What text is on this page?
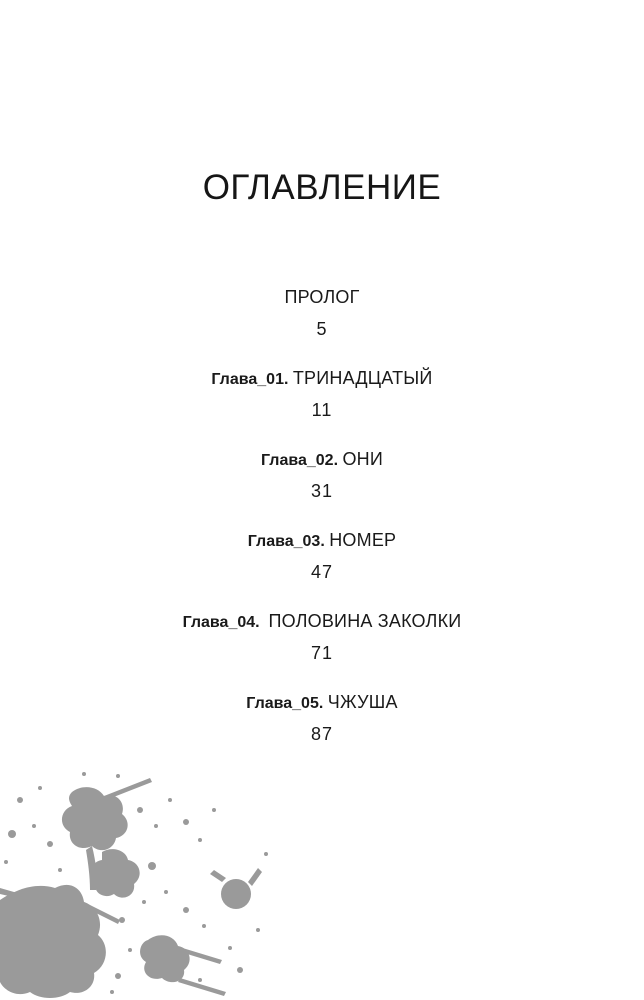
ОГЛАВЛЕНИЕ
ПРОЛОГ
5
Глава_01. ТРИНАДЦАТЫЙ
11
Глава_02. ОНИ
31
Глава_03. НОМЕР
47
Глава_04.  ПОЛОВИНА ЗАКОЛКИ
71
Глава_05. ЧЖУША
87
